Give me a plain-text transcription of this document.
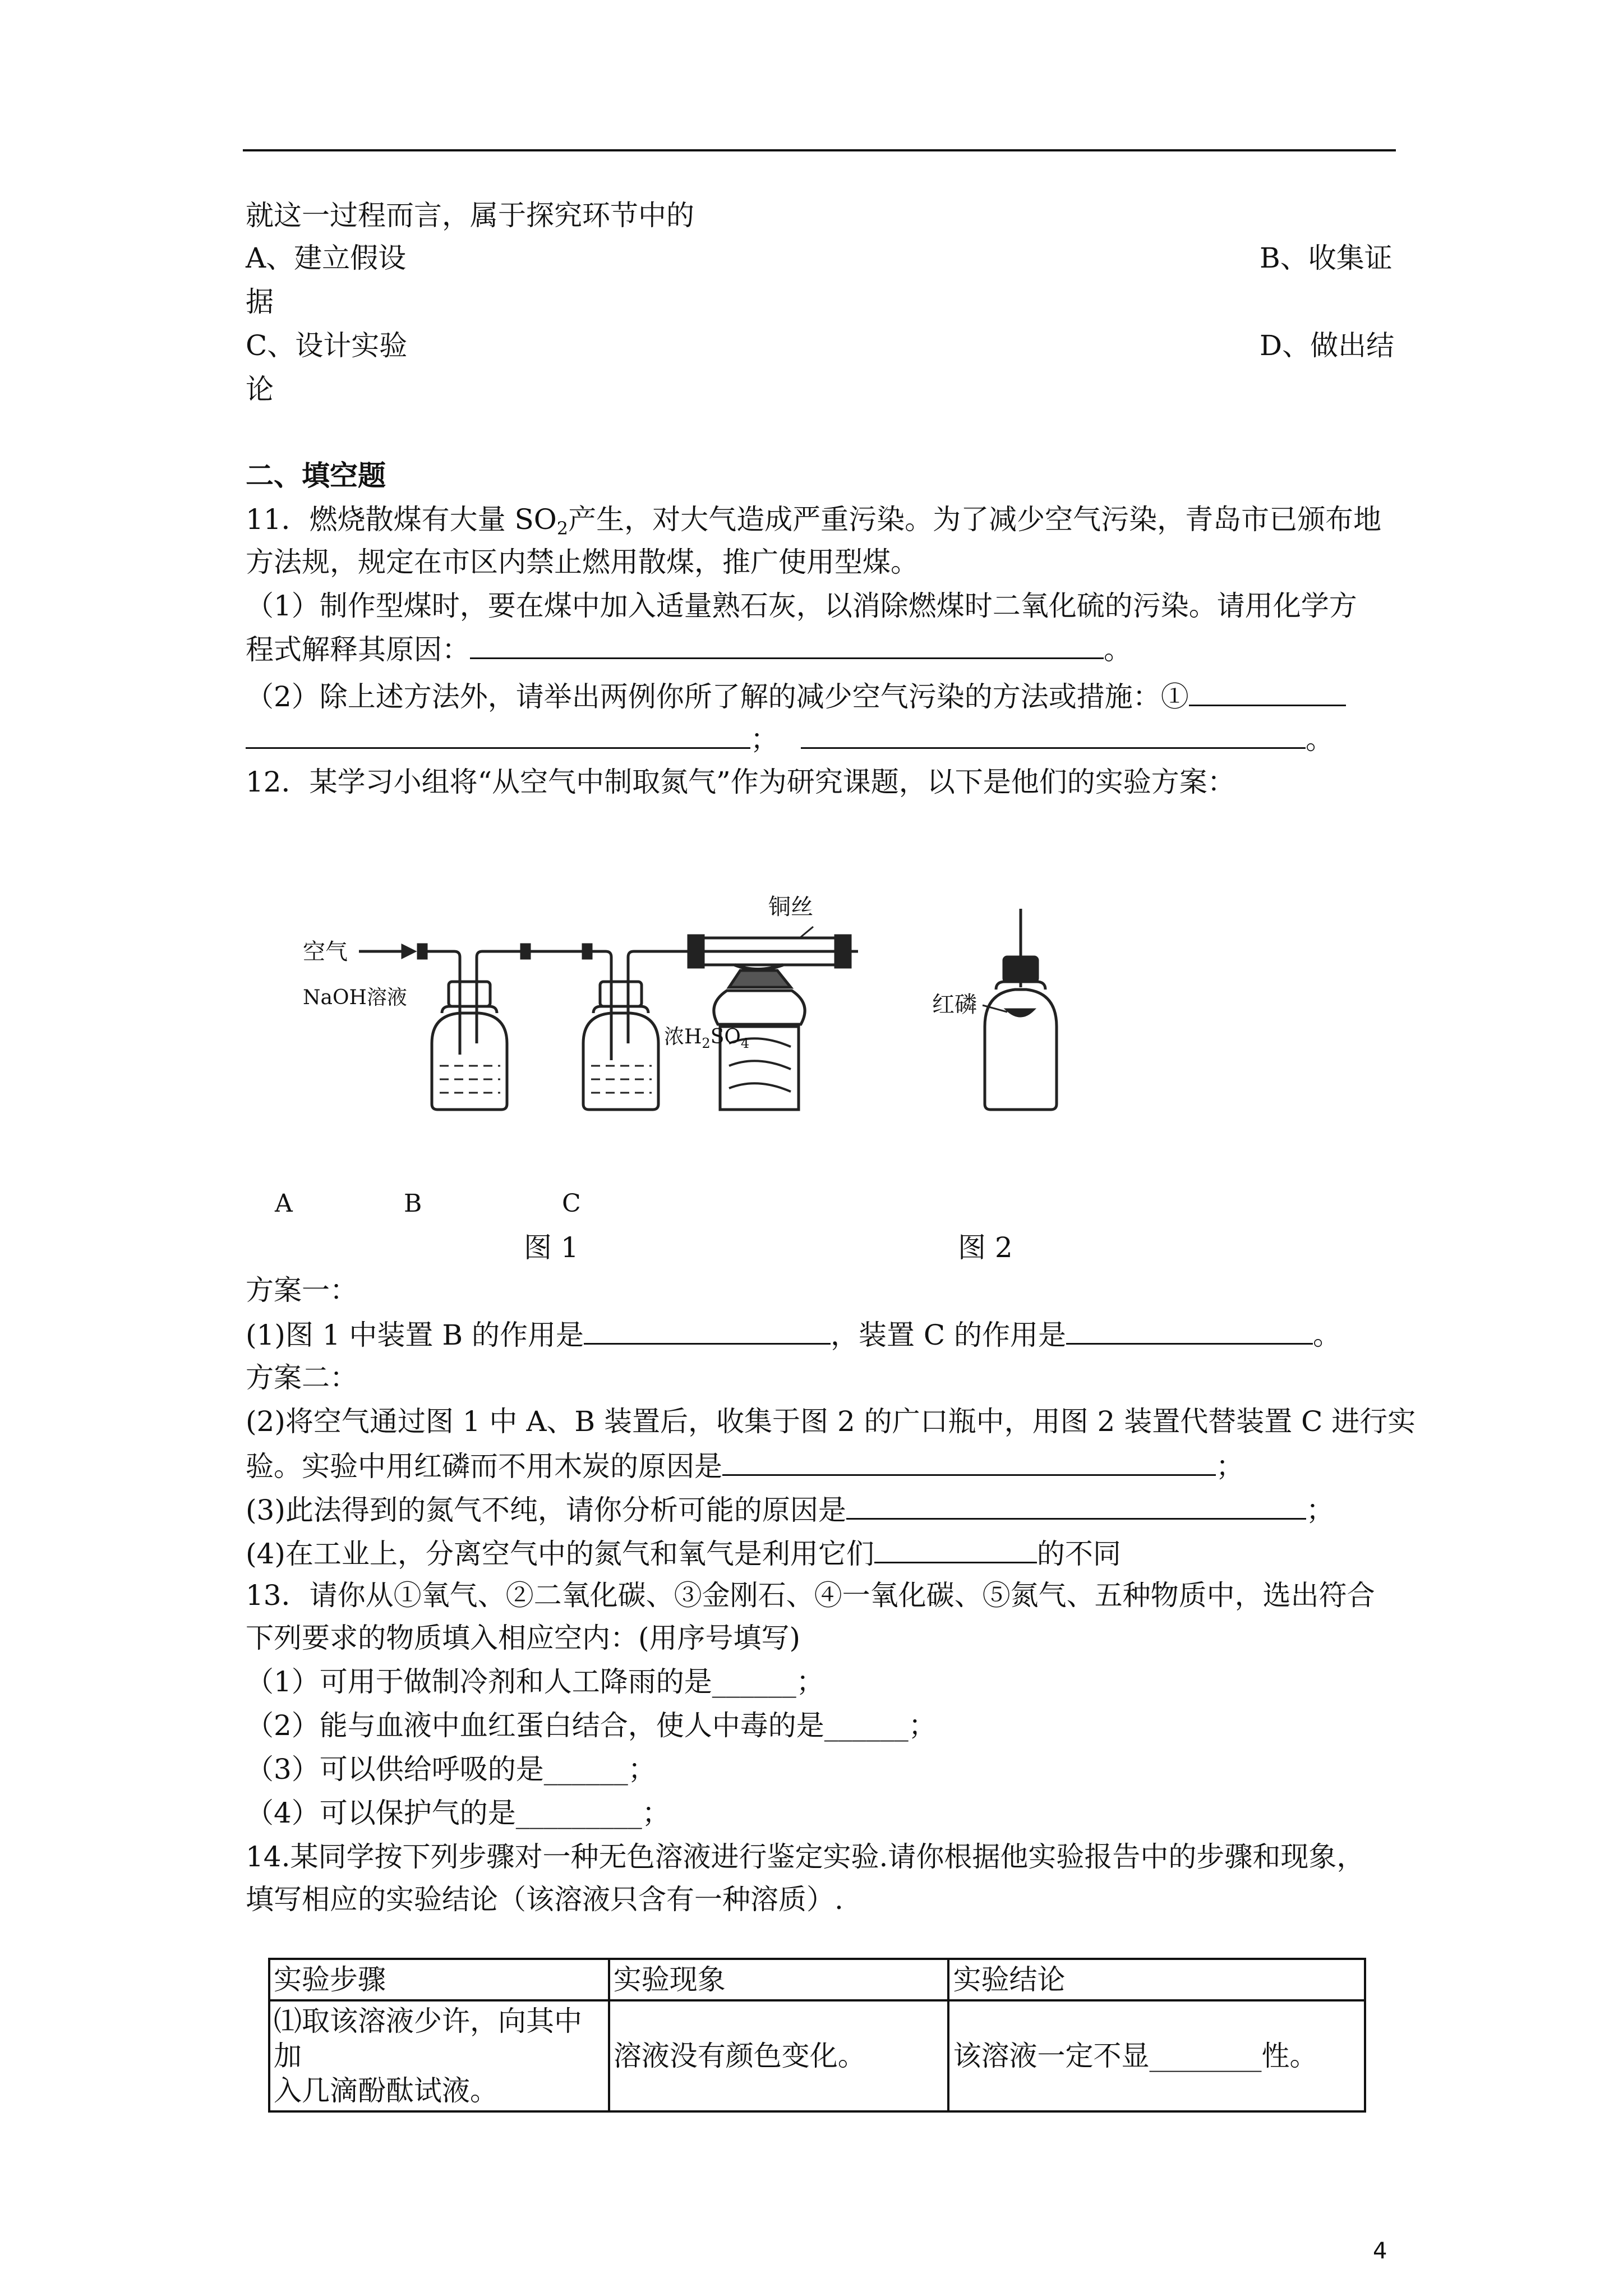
就这一过程而言，属于探究环节中的
A、建立假设	B、收集证
据
C、设计实验	D、做出结
论
二、填空题
11．燃烧散煤有大量 $SO_2$产生，对大气造成严重污染。为了减少空气污染，青岛市已颁布地
方法规，规定在市区内禁止燃用散煤，推广使用型煤。
（1）制作型煤时，要在煤中加入适量熟石灰，以消除燃煤时二氧化硫的污染。请用化学方
程式解释其原因：	。
（2）除上述方法外，请举出两例你所了解的减少空气污染的方法或措施：①
；	。
12．某学习小组将“从空气中制取氮气”作为研究课题，以下是他们的实验方案：
空气
NaOH溶液
浓$H_2SO_4$
铜丝
红磷
A	B	C
图 1	图 2
方案一：
(1)图 1 中装置 B 的作用是	，装置 C 的作用是	。
方案二：
(2)将空气通过图 1 中 A、B 装置后，收集于图 2 的广口瓶中，用图 2 装置代替装置 C 进行实
验。实验中用红磷而不用木炭的原因是	；
(3)此法得到的氮气不纯，请你分析可能的原因是	；
(4)在工业上，分离空气中的氮气和氧气是利用它们	的不同
13．请你从①氧气、②二氧化碳、③金刚石、④一氧化碳、⑤氮气、五种物质中，选出符合
下列要求的物质填入相应空内：(用序号填写)
（1）可用于做制冷剂和人工降雨的是______；
（2）能与血液中血红蛋白结合，使人中毒的是______；
（3）可以供给呼吸的是______；
（4）可以保护气的是_________；
14.某同学按下列步骤对一种无色溶液进行鉴定实验.请你根据他实验报告中的步骤和现象，
填写相应的实验结论（该溶液只含有一种溶质）.
实验步骤	实验现象	实验结论

⑴取该溶液少许，向其中加
入几滴酚酞试液。	溶液没有颜色变化。	该溶液一定不显________性。
4
